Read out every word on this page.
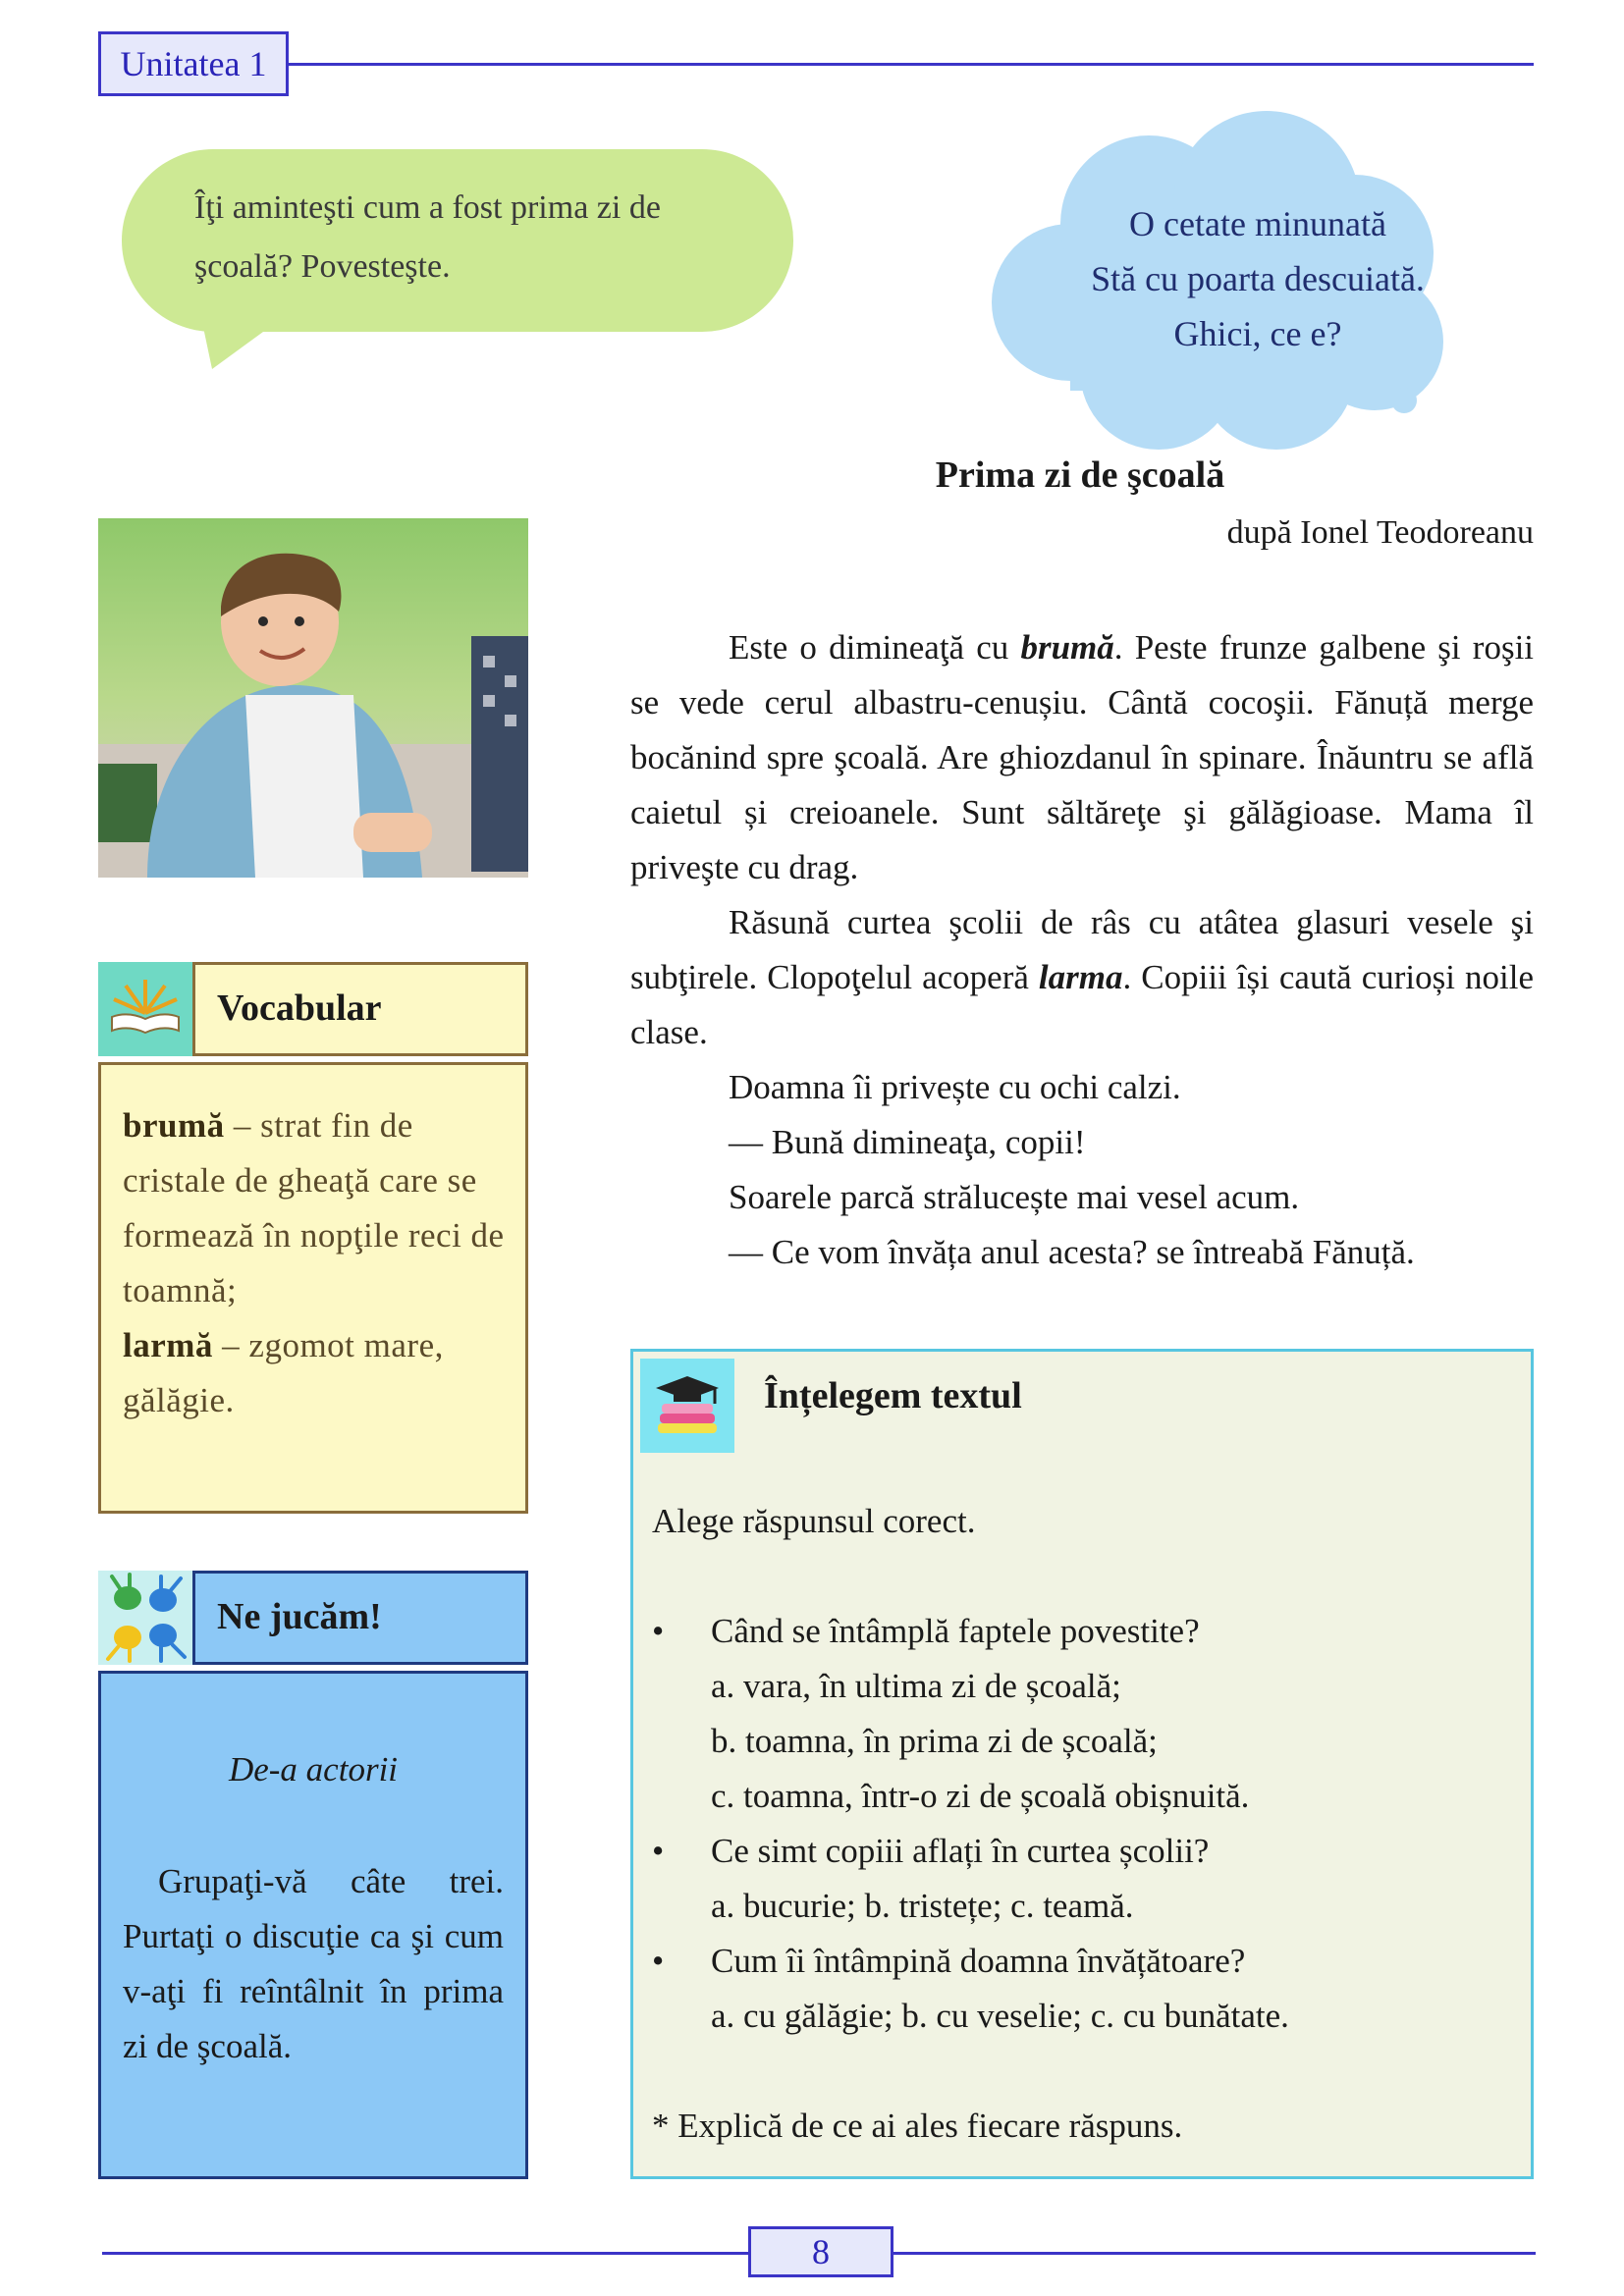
Unitatea 1
Îţi aminteşti cum a fost prima zi de şcoală? Povesteşte.
O cetate minunată
Stă cu poarta descuiată.
Ghici, ce e?
Prima zi de şcoală
după Ionel Teodoreanu

Este o dimineaţă cu brumă. Peste frunze galbene şi roşii se vede cerul albastru-cenușiu. Cântă cocoşii. Fănuță merge bocănind spre şcoală. Are ghiozdanul în spinare. Înăuntru se află caietul și creioanele. Sunt săltăreţe şi gălăgioase. Mama îl priveşte cu drag.

Răsună curtea şcolii de râs cu atâtea glasuri vesele şi subţirele. Clopoţelul acoperă larma. Copiii își caută curioși noile clase.

Doamna îi privește cu ochi calzi.

— Bună dimineaţa, copii!

Soarele parcă strălucește mai vesel acum.

— Ce vom învăța anul acesta? se întreabă Fănuță.

Vocabular
brumă – strat fin de cristale de gheaţă care se formează în nopţile reci de toamnă;
larmă – zgomot mare, gălăgie.
Ne jucăm!
De-a actorii
Grupaţi-vă câte trei. Purtaţi o discuţie ca şi cum v-aţi fi reîntâlnit în prima zi de şcoală.
Înțelegem textul
Alege răspunsul corect.
• Când se întâmplă faptele povestite?
a. vara, în ultima zi de școală;
b. toamna, în prima zi de școală;
c. toamna, într-o zi de școală obișnuită.
• Ce simt copiii aflați în curtea școlii?
a. bucurie; b. tristețe; c. teamă.
• Cum îi întâmpină doamna învățătoare?
a. cu gălăgie; b. cu veselie; c. cu bunătate.
* Explică de ce ai ales fiecare răspuns.
8
